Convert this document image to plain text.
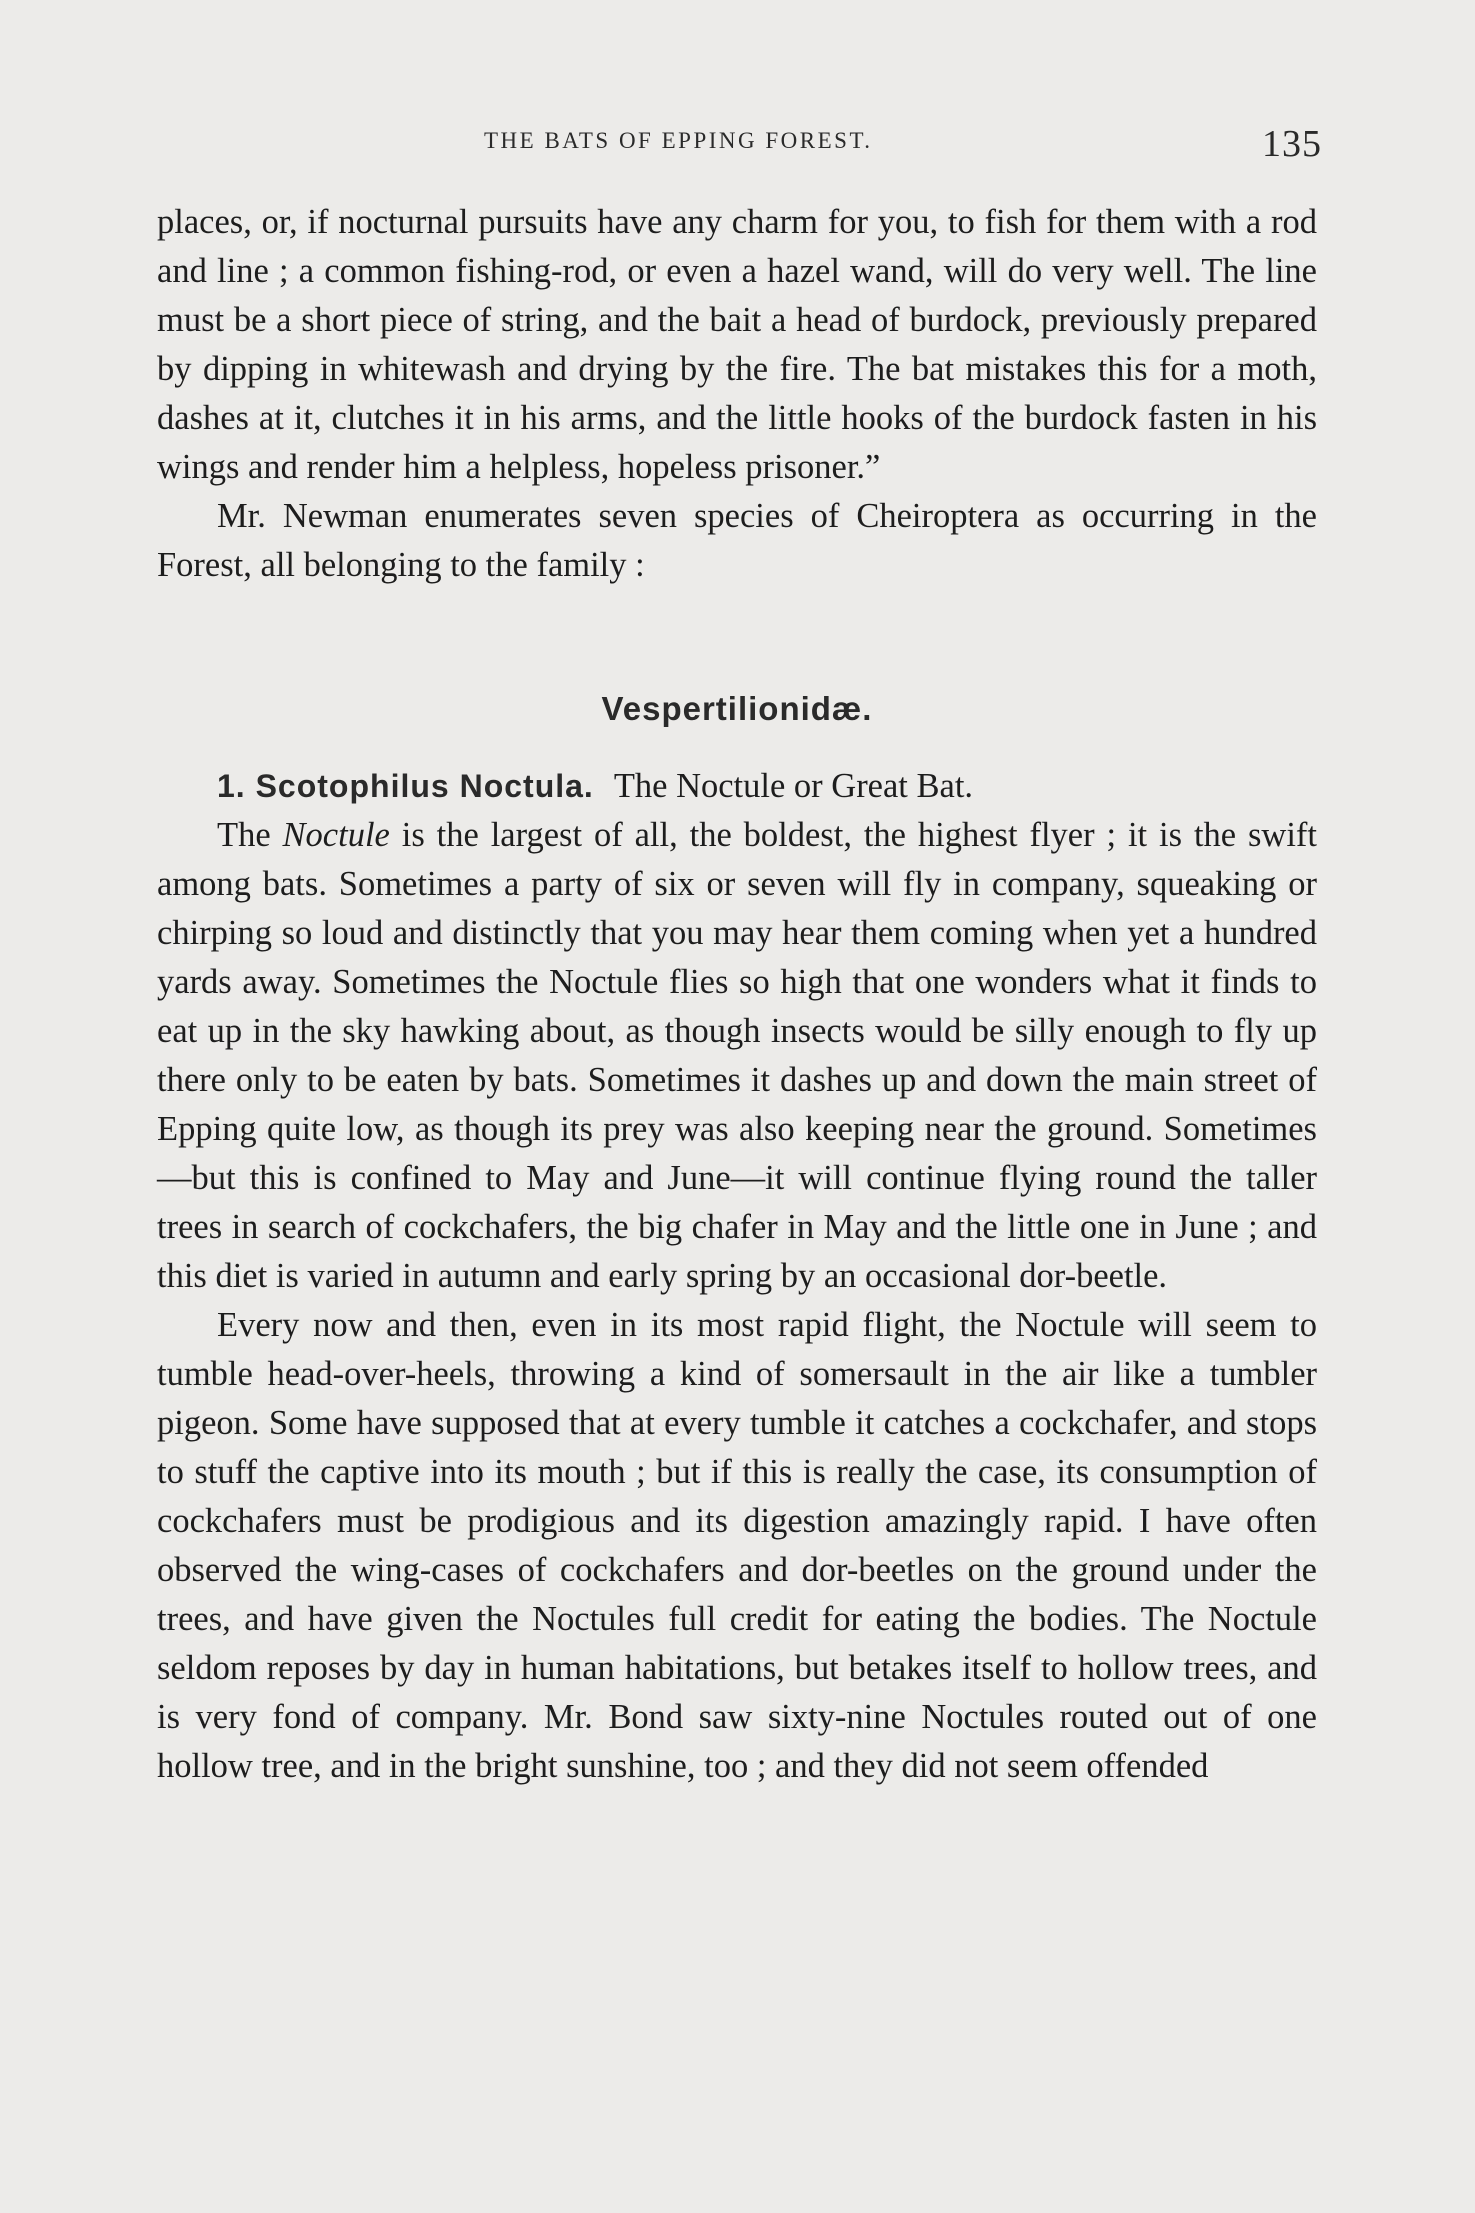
THE BATS OF EPPING FOREST.	135

places, or, if nocturnal pursuits have any charm for you, to fish for them with a rod and line ; a common fishing-rod, or even a hazel wand, will do very well. The line must be a short piece of string, and the bait a head of burdock, previously prepared by dipping in whitewash and drying by the fire. The bat mistakes this for a moth, dashes at it, clutches it in his arms, and the little hooks of the burdock fasten in his wings and render him a helpless, hopeless prisoner.”

Mr. Newman enumerates seven species of Cheiroptera as occurring in the Forest, all belonging to the family :

Vespertilionidæ.

1. Scotophilus Noctula. The Noctule or Great Bat.

The Noctule is the largest of all, the boldest, the highest flyer ; it is the swift among bats. Sometimes a party of six or seven will fly in company, squeaking or chirping so loud and distinctly that you may hear them coming when yet a hundred yards away. Sometimes the Noctule flies so high that one wonders what it finds to eat up in the sky hawking about, as though insects would be silly enough to fly up there only to be eaten by bats. Sometimes it dashes up and down the main street of Epping quite low, as though its prey was also keeping near the ground. Sometimes—but this is confined to May and June—it will continue flying round the taller trees in search of cockchafers, the big chafer in May and the little one in June ; and this diet is varied in autumn and early spring by an occasional dor-beetle.

Every now and then, even in its most rapid flight, the Noctule will seem to tumble head-over-heels, throwing a kind of somersault in the air like a tumbler pigeon. Some have supposed that at every tumble it catches a cockchafer, and stops to stuff the captive into its mouth ; but if this is really the case, its consumption of cockchafers must be prodigious and its digestion amazingly rapid. I have often observed the wing-cases of cockchafers and dor-beetles on the ground under the trees, and have given the Noctules full credit for eating the bodies. The Noctule seldom reposes by day in human habitations, but betakes itself to hollow trees, and is very fond of company. Mr. Bond saw sixty-nine Noctules routed out of one hollow tree, and in the bright sunshine, too ; and they did not seem offended
